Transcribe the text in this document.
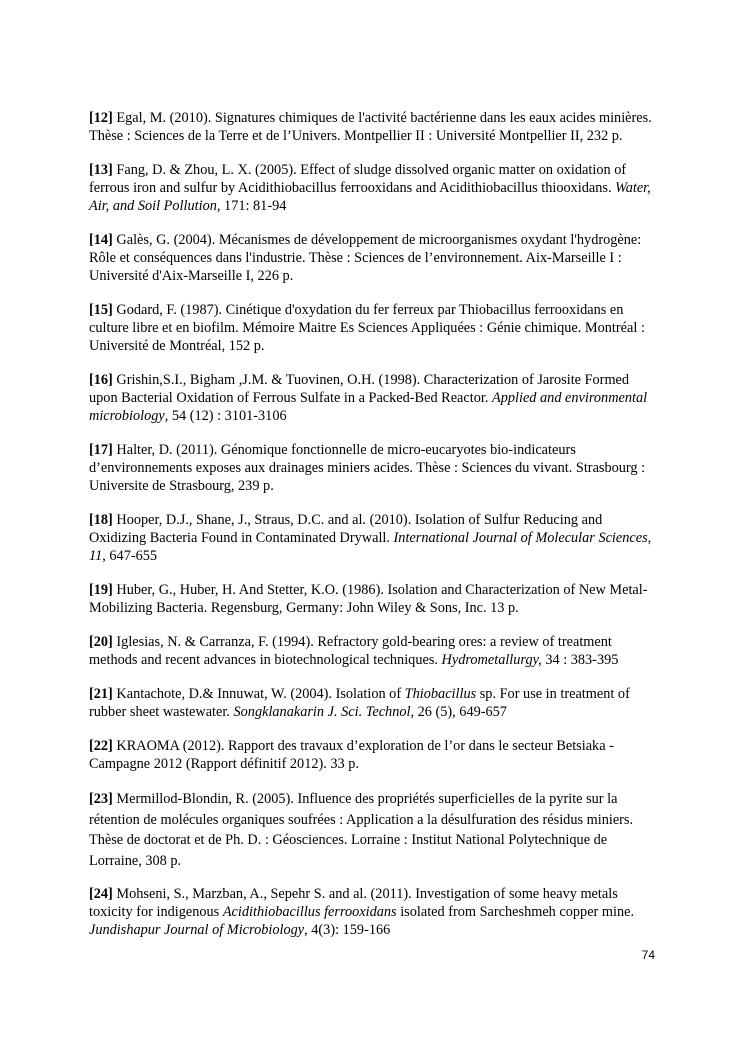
[12] Egal, M. (2010). Signatures chimiques de l'activité bactérienne dans les eaux acides minières. Thèse : Sciences de la Terre et de l’Univers. Montpellier II : Université Montpellier II, 232 p.

[13] Fang, D. & Zhou, L. X. (2005). Effect of sludge dissolved organic matter on oxidation of ferrous iron and sulfur by Acidithiobacillus ferrooxidans and Acidithiobacillus thiooxidans. Water, Air, and Soil Pollution, 171: 81-94

[14] Galès, G. (2004). Mécanismes de développement de microorganismes oxydant l'hydrogène: Rôle et conséquences dans l'industrie. Thèse : Sciences de l’environnement. Aix-Marseille I : Université d'Aix-Marseille I, 226 p.

[15] Godard, F. (1987). Cinétique d'oxydation du fer ferreux par Thiobacillus ferrooxidans en culture libre et en biofilm. Mémoire Maitre Es Sciences Appliquées : Génie chimique. Montréal : Université de Montréal, 152 p.

[16] Grishin,S.I., Bigham ,J.M. & Tuovinen, O.H. (1998). Characterization of Jarosite Formed upon Bacterial Oxidation of Ferrous Sulfate in a Packed-Bed Reactor. Applied and environmental microbiology, 54 (12) : 3101-3106

[17] Halter, D. (2011). Génomique fonctionnelle de micro-eucaryotes bio-indicateurs d’environnements exposes aux drainages miniers acides. Thèse : Sciences du vivant. Strasbourg : Universite de Strasbourg, 239 p.

[18] Hooper, D.J., Shane, J., Straus, D.C. and al. (2010). Isolation of Sulfur Reducing and Oxidizing Bacteria Found in Contaminated Drywall. International Journal of Molecular Sciences, 11, 647-655

[19] Huber, G., Huber, H. And Stetter, K.O. (1986). Isolation and Characterization of New Metal-Mobilizing Bacteria. Regensburg, Germany: John Wiley & Sons, Inc. 13 p.

[20] Iglesias, N. & Carranza, F. (1994). Refractory gold-bearing ores: a review of treatment methods and recent advances in biotechnological techniques. Hydrometallurgy, 34 : 383-395

[21] Kantachote, D.& Innuwat, W. (2004). Isolation of Thiobacillus sp. For use in treatment of rubber sheet wastewater. Songklanakarin J. Sci. Technol, 26 (5), 649-657

[22] KRAOMA (2012). Rapport des travaux d’exploration de l’or dans le secteur Betsiaka - Campagne 2012 (Rapport définitif 2012). 33 p.

[23] Mermillod-Blondin, R. (2005). Influence des propriétés superficielles de la pyrite sur la rétention de molécules organiques soufrées : Application a la désulfuration des résidus miniers. Thèse de doctorat et de Ph. D. : Géosciences. Lorraine : Institut National Polytechnique de Lorraine, 308 p.

[24] Mohseni, S., Marzban, A., Sepehr S. and al. (2011). Investigation of some heavy metals toxicity for indigenous Acidithiobacillus ferrooxidans isolated from Sarcheshmeh copper mine. Jundishapur Journal of Microbiology, 4(3): 159-166

74
